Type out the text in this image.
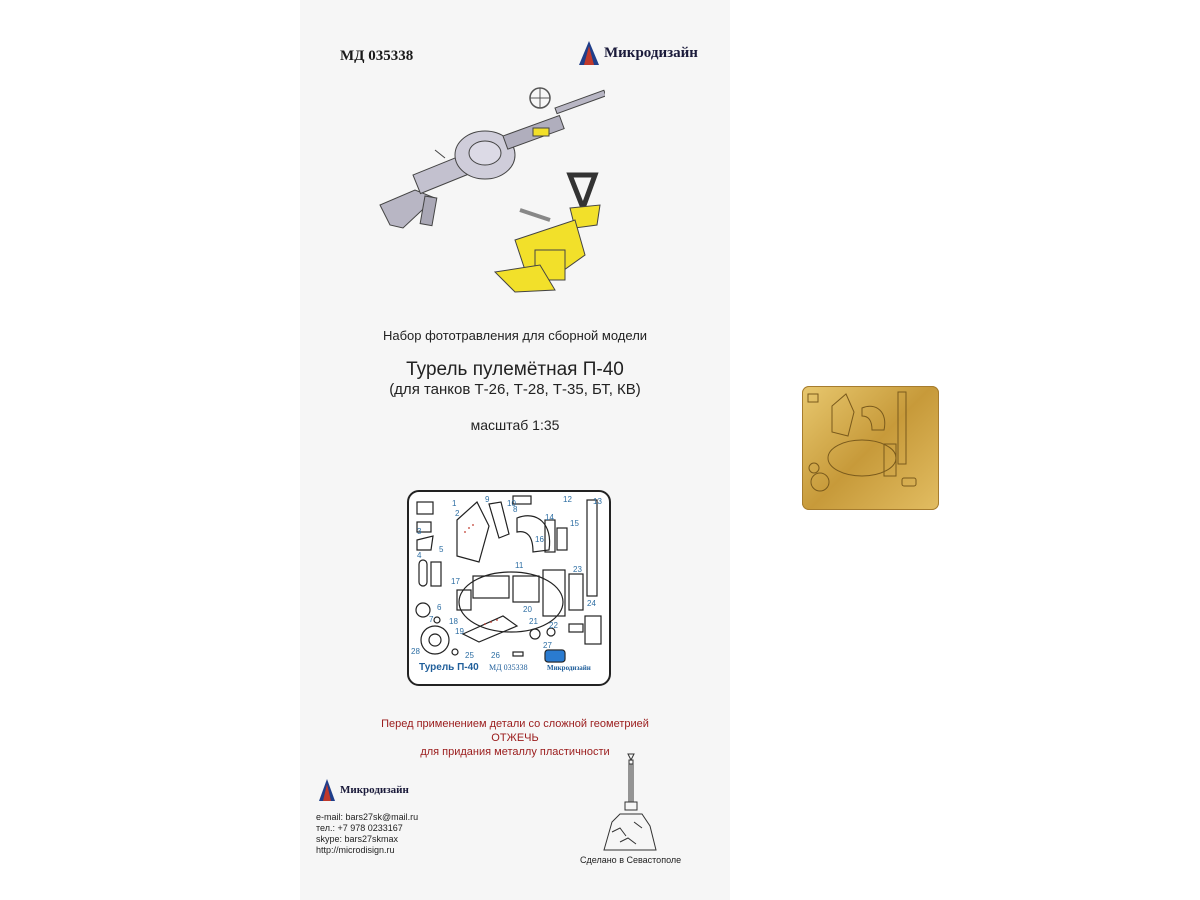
МД 035338	Микродизайн
Набор фототравления для сборной модели
Турель пулемётная П-40
(для танков Т-26, Т-28, Т-35, БТ, КВ)
масштаб 1:35
1
2
3
4
5
6
7
8
9 10
11
12	13
14
15
16
17
18
19
20
21 22
23
24
25 26
27
28
Турель П-40 МД 035338	Микродизайн
Перед применением детали со сложной геометрией
ОТЖЕЧЬ
для придания металлу пластичности
Микродизайн
e-mail: bars27sk@mail.ru
тел.: +7 978 0233167
skype: bars27skmax
http://microdisign.ru
Сделано в Севастополе
